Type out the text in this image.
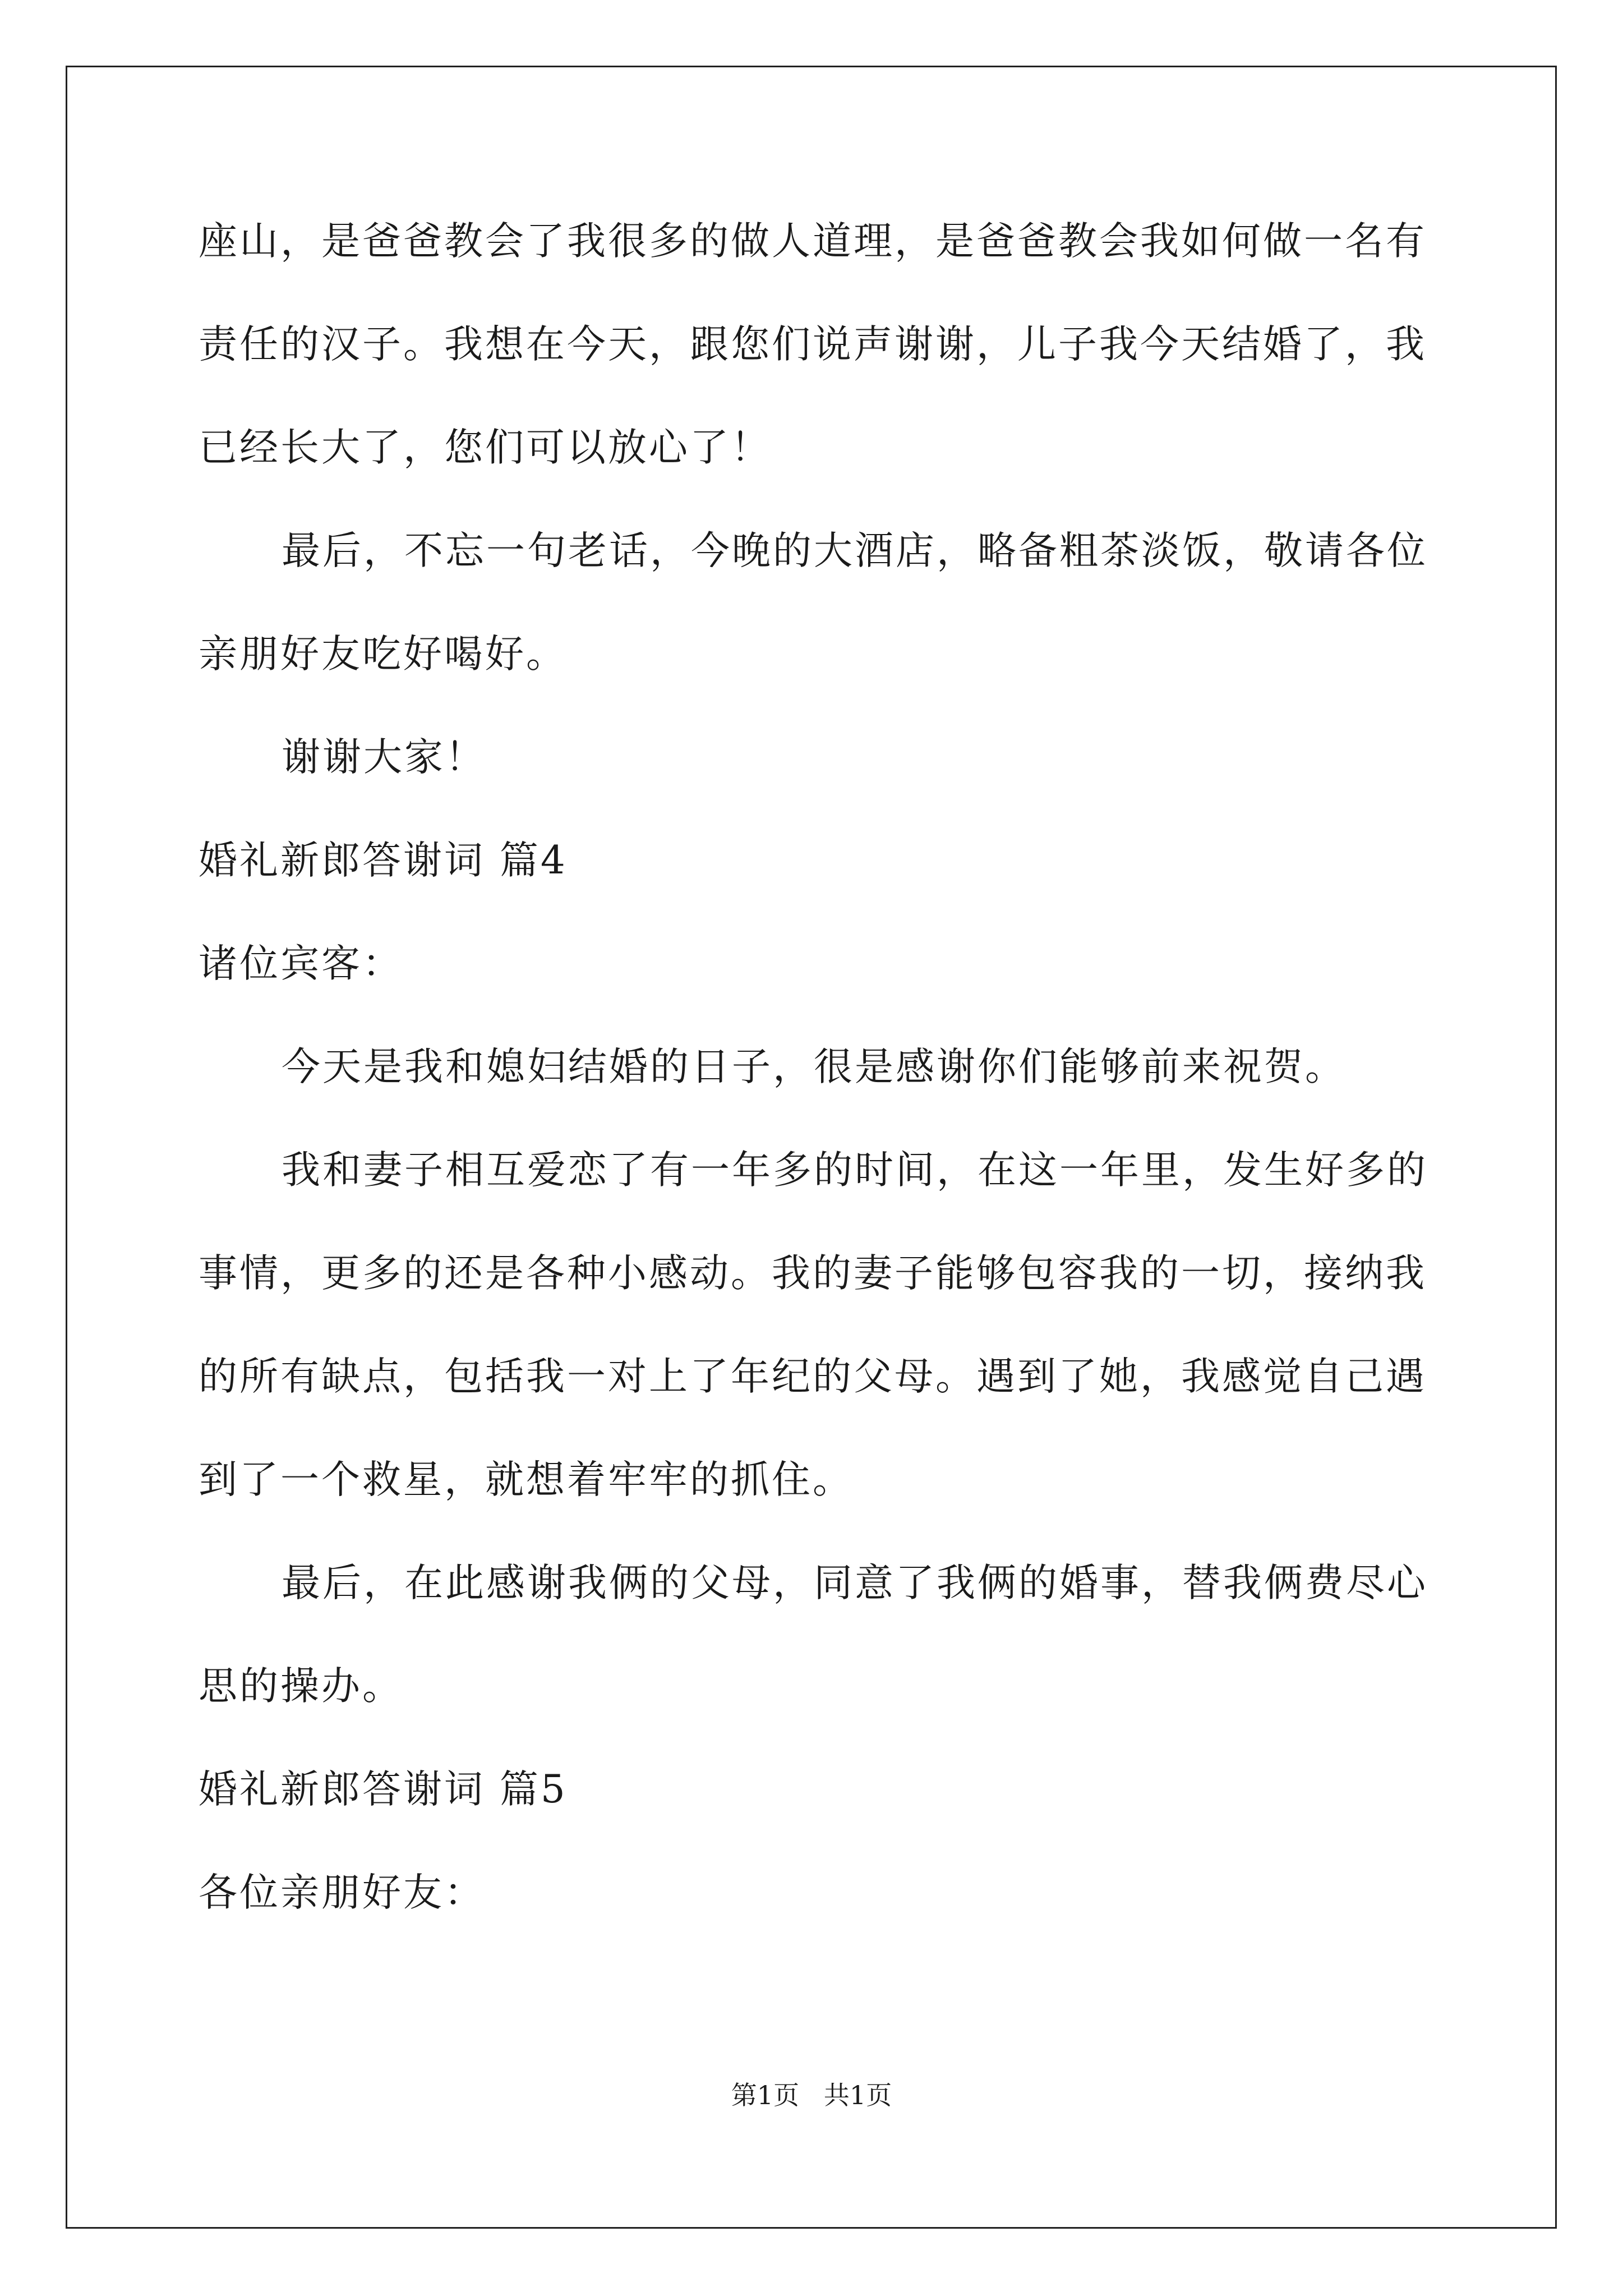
座山，是爸爸教会了我很多的做人道理，是爸爸教会我如何做一名有
责任的汉子。我想在今天，跟您们说声谢谢，儿子我今天结婚了，我
已经长大了，您们可以放心了！
最后，不忘一句老话，今晚的大酒店，略备粗茶淡饭，敬请各位
亲朋好友吃好喝好。
谢谢大家！
婚礼新郎答谢词 篇4
诸位宾客：
今天是我和媳妇结婚的日子，很是感谢你们能够前来祝贺。
我和妻子相互爱恋了有一年多的时间，在这一年里，发生好多的
事情，更多的还是各种小感动。我的妻子能够包容我的一切，接纳我
的所有缺点，包括我一对上了年纪的父母。遇到了她，我感觉自己遇
到了一个救星，就想着牢牢的抓住。
最后，在此感谢我俩的父母，同意了我俩的婚事，替我俩费尽心
思的操办。
婚礼新郎答谢词 篇5
各位亲朋好友：
第1页   共1页
